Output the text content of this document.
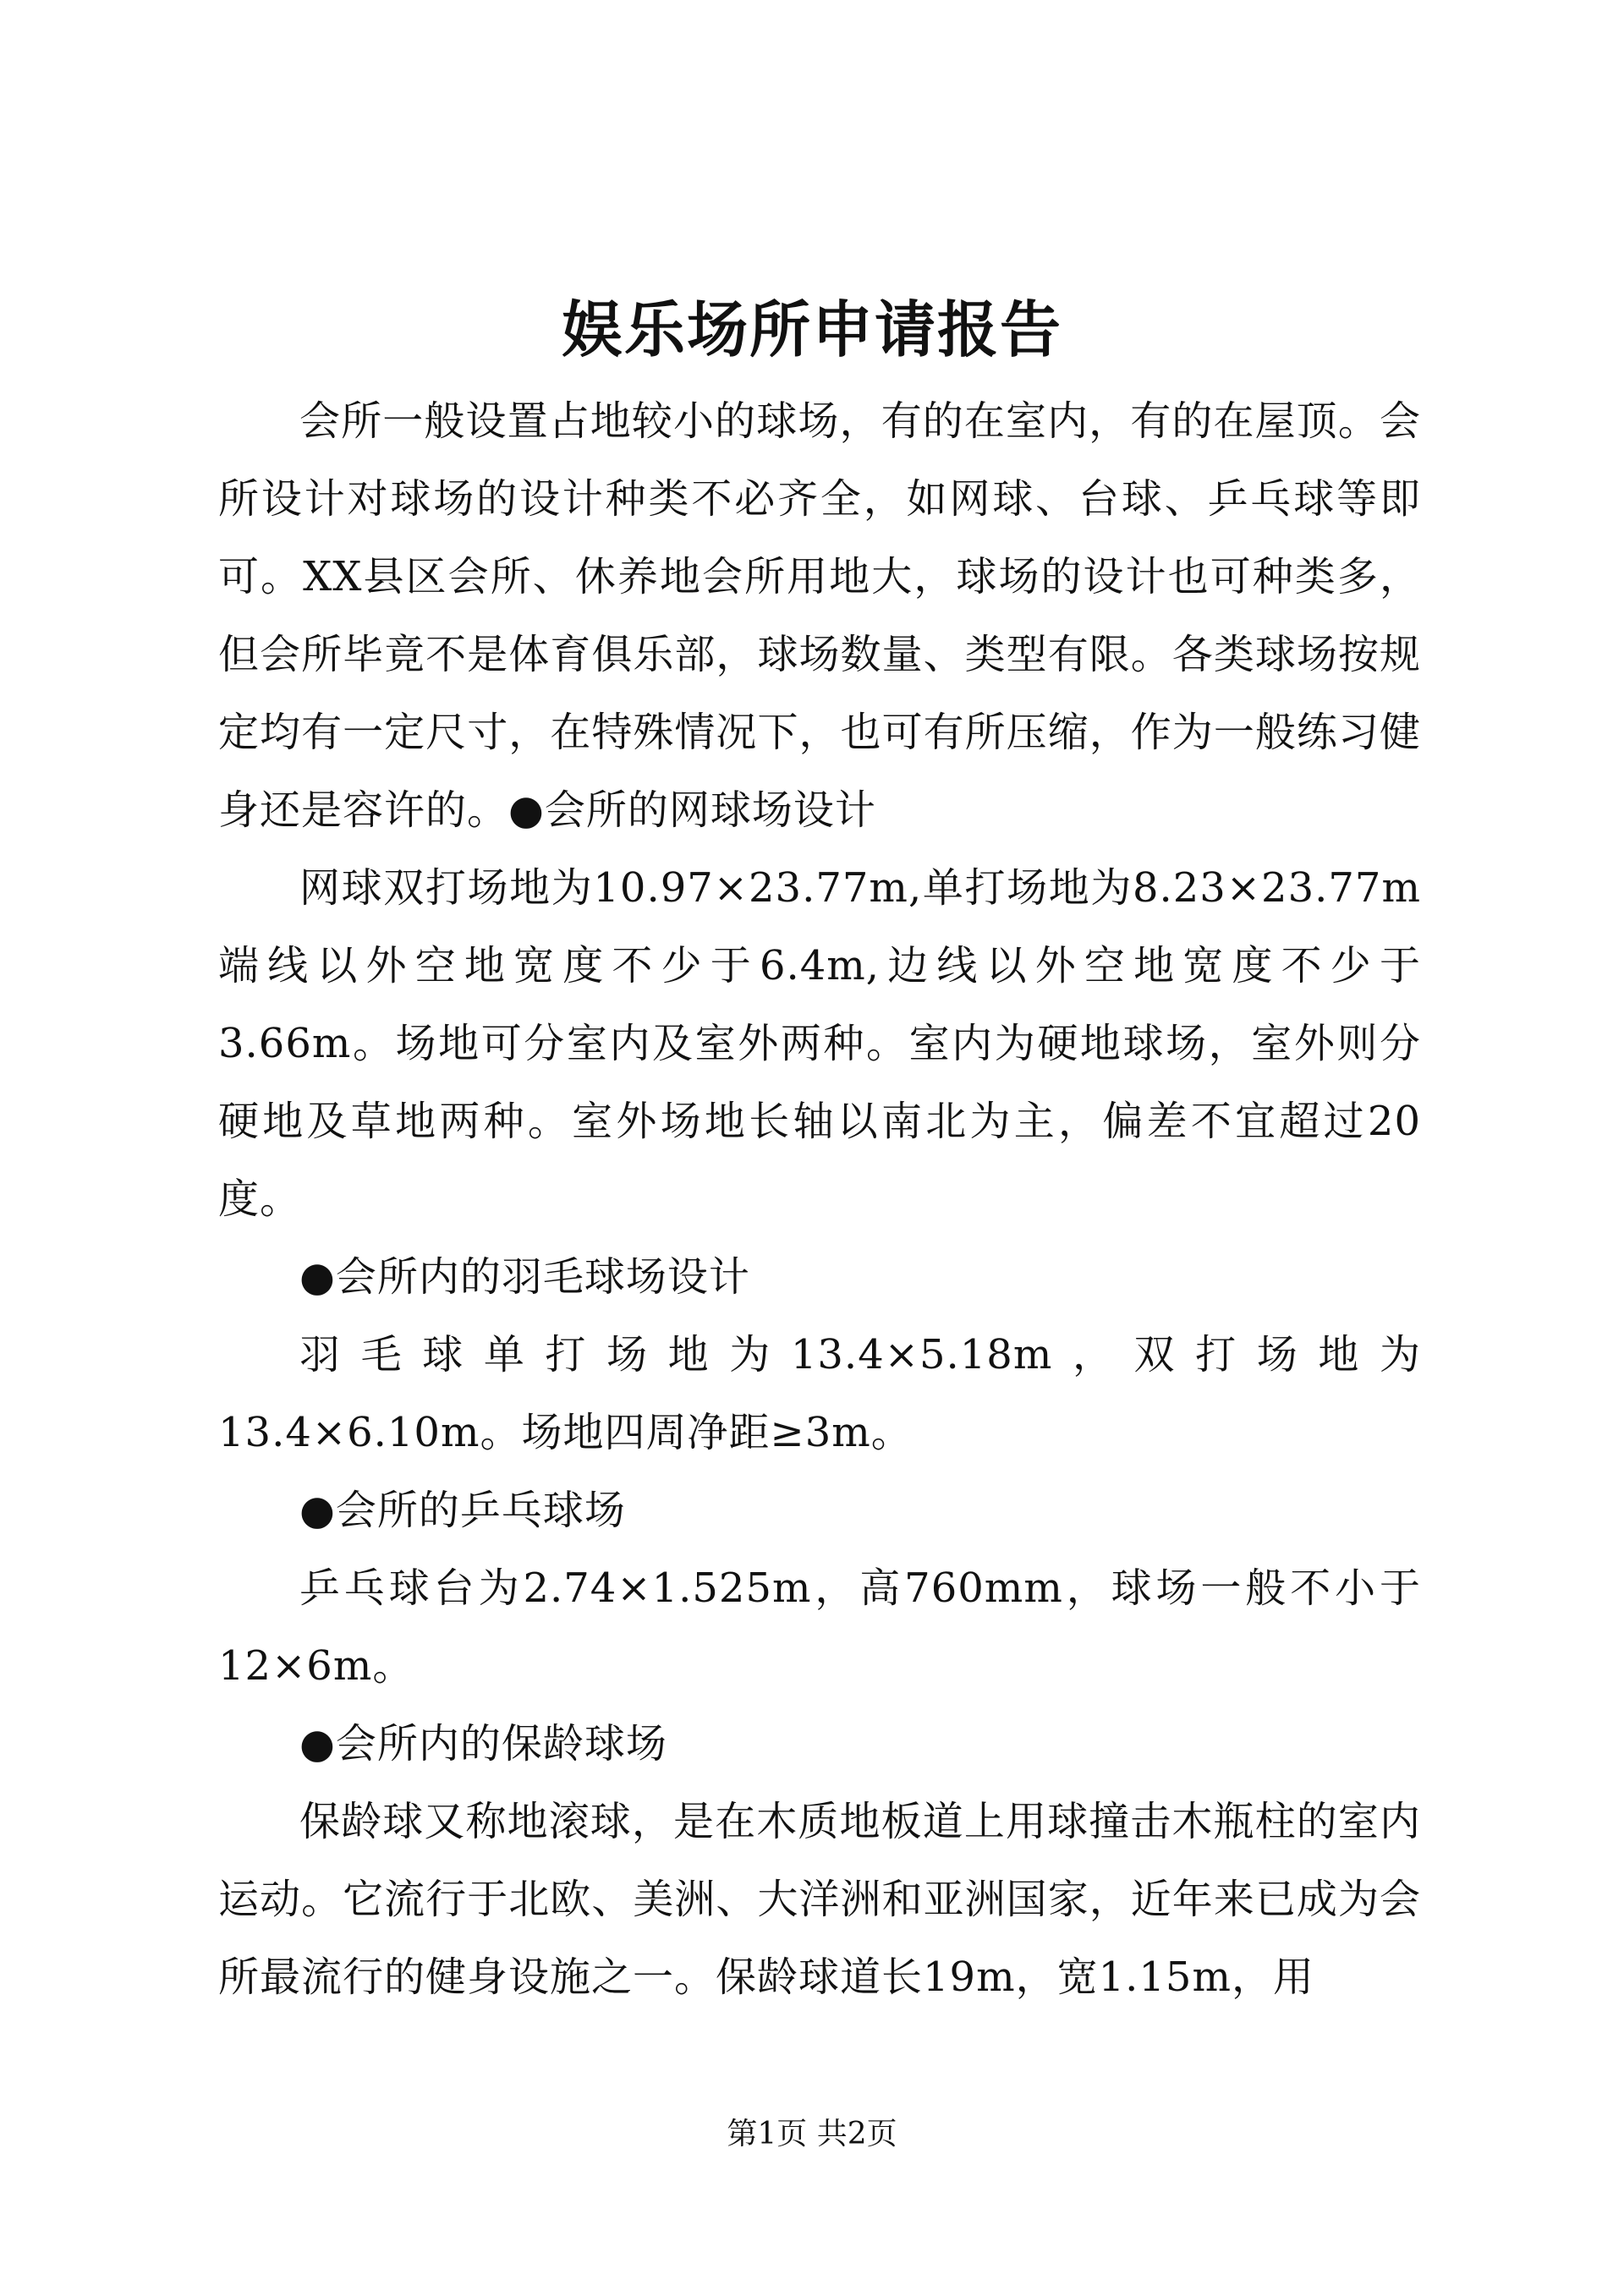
娱乐场所申请报告

会所一般设置占地较小的球场，有的在室内，有的在屋顶。会所设计对球场的设计种类不必齐全，如网球、台球、乒乓球等即可。XX县区会所、休养地会所用地大，球场的设计也可种类多，但会所毕竟不是体育俱乐部，球场数量、类型有限。各类球场按规定均有一定尺寸，在特殊情况下，也可有所压缩，作为一般练习健身还是容许的。●会所的网球场设计

网球双打场地为10.97×23.77m,单打场地为8.23×23.77m端线以外空地宽度不少于6.4m,边线以外空地宽度不少于3.66m。场地可分室内及室外两种。室内为硬地球场，室外则分硬地及草地两种。室外场地长轴以南北为主，偏差不宜超过20度。

●会所内的羽毛球场设计

羽毛球单打场地为13.4×5.18m，双打场地为13.4×6.10m。场地四周净距≥3m。

●会所的乒乓球场

乒乓球台为2.74×1.525m，高760mm，球场一般不小于12×6m。

●会所内的保龄球场

保龄球又称地滚球，是在木质地板道上用球撞击木瓶柱的室内运动。它流行于北欧、美洲、大洋洲和亚洲国家，近年来已成为会所最流行的健身设施之一。保龄球道长19m，宽1.15m，用

第1页 共2页
